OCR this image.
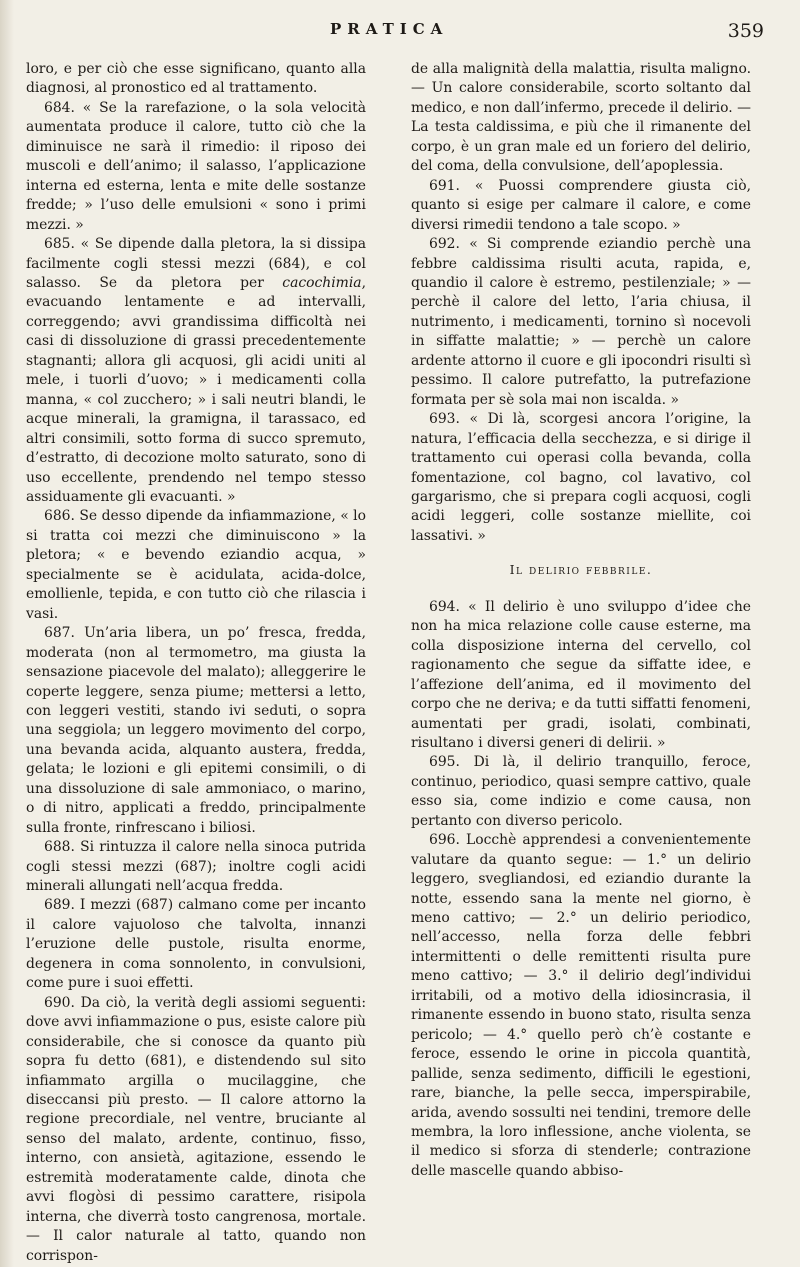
PRATICA	359

loro, e per ciò che esse significano, quanto alla diagnosi, al pronostico ed al trattamento.

684. « Se la rarefazione, o la sola velocità aumentata produce il calore, tutto ciò che la diminuisce ne sarà il rimedio: il riposo dei muscoli e dell’animo; il salasso, l’applicazione interna ed esterna, lenta e mite delle sostanze fredde; » l’uso delle emulsioni « sono i primi mezzi. »

685. « Se dipende dalla pletora, la si dissipa facilmente cogli stessi mezzi (684), e col salasso. Se da pletora per cacochimia, evacuando lentamente e ad intervalli, correggendo; avvi grandissima difficoltà nei casi di dissoluzione di grassi precedentemente stagnanti; allora gli acquosi, gli acidi uniti al mele, i tuorli d’uovo; » i medicamenti colla manna, « col zucchero; » i sali neutri blandi, le acque minerali, la gramigna, il tarassaco, ed altri consimili, sotto forma di succo spremuto, d’estratto, di decozione molto saturato, sono di uso eccellente, prendendo nel tempo stesso assiduamente gli evacuanti. »

686. Se desso dipende da infiammazione, « lo si tratta coi mezzi che diminuiscono » la pletora; « e bevendo eziandio acqua, » specialmente se è acidulata, acida-dolce, emollienle, tepida, e con tutto ciò che rilascia i vasi.

687. Un’aria libera, un po’ fresca, fredda, moderata (non al termometro, ma giusta la sensazione piacevole del malato); alleggerire le coperte leggere, senza piume; mettersi a letto, con leggeri vestiti, stando ivi seduti, o sopra una seggiola; un leggero movimento del corpo, una bevanda acida, alquanto austera, fredda, gelata; le lozioni e gli epitemi consimili, o di una dissoluzione di sale ammoniaco, o marino, o di nitro, applicati a freddo, principalmente sulla fronte, rinfrescano i biliosi.

688. Si rintuzza il calore nella sinoca putrida cogli stessi mezzi (687); inoltre cogli acidi minerali allungati nell’acqua fredda.

689. I mezzi (687) calmano come per incanto il calore vajuoloso che talvolta, innanzi l’eruzione delle pustole, risulta enorme, degenera in coma sonnolento, in convulsioni, come pure i suoi effetti.

690. Da ciò, la verità degli assiomi seguenti: dove avvi infiammazione o pus, esiste calore più considerabile, che si conosce da quanto più sopra fu detto (681), e distendendo sul sito infiammato argilla o mucilaggine, che diseccansi più presto. — Il calore attorno la regione precordiale, nel ventre, bruciante al senso del malato, ardente, continuo, fisso, interno, con ansietà, agitazione, essendo le estremità moderatamente calde, dinota che avvi flogòsi di pessimo carattere, risipola interna, che diverrà tosto cangrenosa, mortale. — Il calor naturale al tatto, quando non corrispon-

de alla malignità della malattia, risulta maligno. — Un calore considerabile, scorto soltanto dal medico, e non dall’infermo, precede il delirio. — La testa caldissima, e più che il rimanente del corpo, è un gran male ed un foriero del delirio, del coma, della convulsione, dell’apoplessia.

691. « Puossi comprendere giusta ciò, quanto si esige per calmare il calore, e come diversi rimedii tendono a tale scopo. »

692. « Si comprende eziandio perchè una febbre caldissima risulti acuta, rapida, e, quandio il calore è estremo, pestilenziale; » — perchè il calore del letto, l’aria chiusa, il nutrimento, i medicamenti, tornino sì nocevoli in siffatte malattie; » — perchè un calore ardente attorno il cuore e gli ipocondri risulti sì pessimo. Il calore putrefatto, la putrefazione formata per sè sola mai non iscalda. »

693. « Di là, scorgesi ancora l’origine, la natura, l’efficacia della secchezza, e si dirige il trattamento cui operasi colla bevanda, colla fomentazione, col bagno, col lavativo, col gargarismo, che si prepara cogli acquosi, cogli acidi leggeri, colle sostanze miellite, coi lassativi. »

Il delirio febbrile.

694. « Il delirio è uno sviluppo d’idee che non ha mica relazione colle cause esterne, ma colla disposizione interna del cervello, col ragionamento che segue da siffatte idee, e l’affezione dell’anima, ed il movimento del corpo che ne deriva; e da tutti siffatti fenomeni, aumentati per gradi, isolati, combinati, risultano i diversi generi di delirii. »

695. Di là, il delirio tranquillo, feroce, continuo, periodico, quasi sempre cattivo, quale esso sia, come indizio e come causa, non pertanto con diverso pericolo.

696. Locchè apprendesi a convenientemente valutare da quanto segue: — 1.° un delirio leggero, svegliandosi, ed eziandio durante la notte, essendo sana la mente nel giorno, è meno cattivo; — 2.° un delirio periodico, nell’accesso, nella forza delle febbri intermittenti o delle remittenti risulta pure meno cattivo; — 3.° il delirio degl’individui irritabili, od a motivo della idiosincrasia, il rimanente essendo in buono stato, risulta senza pericolo; — 4.° quello però ch’è costante e feroce, essendo le orine in piccola quantità, pallide, senza sedimento, difficili le egestioni, rare, bianche, la pelle secca, imperspirabile, arida, avendo sossulti nei tendini, tremore delle membra, la loro inflessione, anche violenta, se il medico si sforza di stenderle; contrazione delle mascelle quando abbiso-
